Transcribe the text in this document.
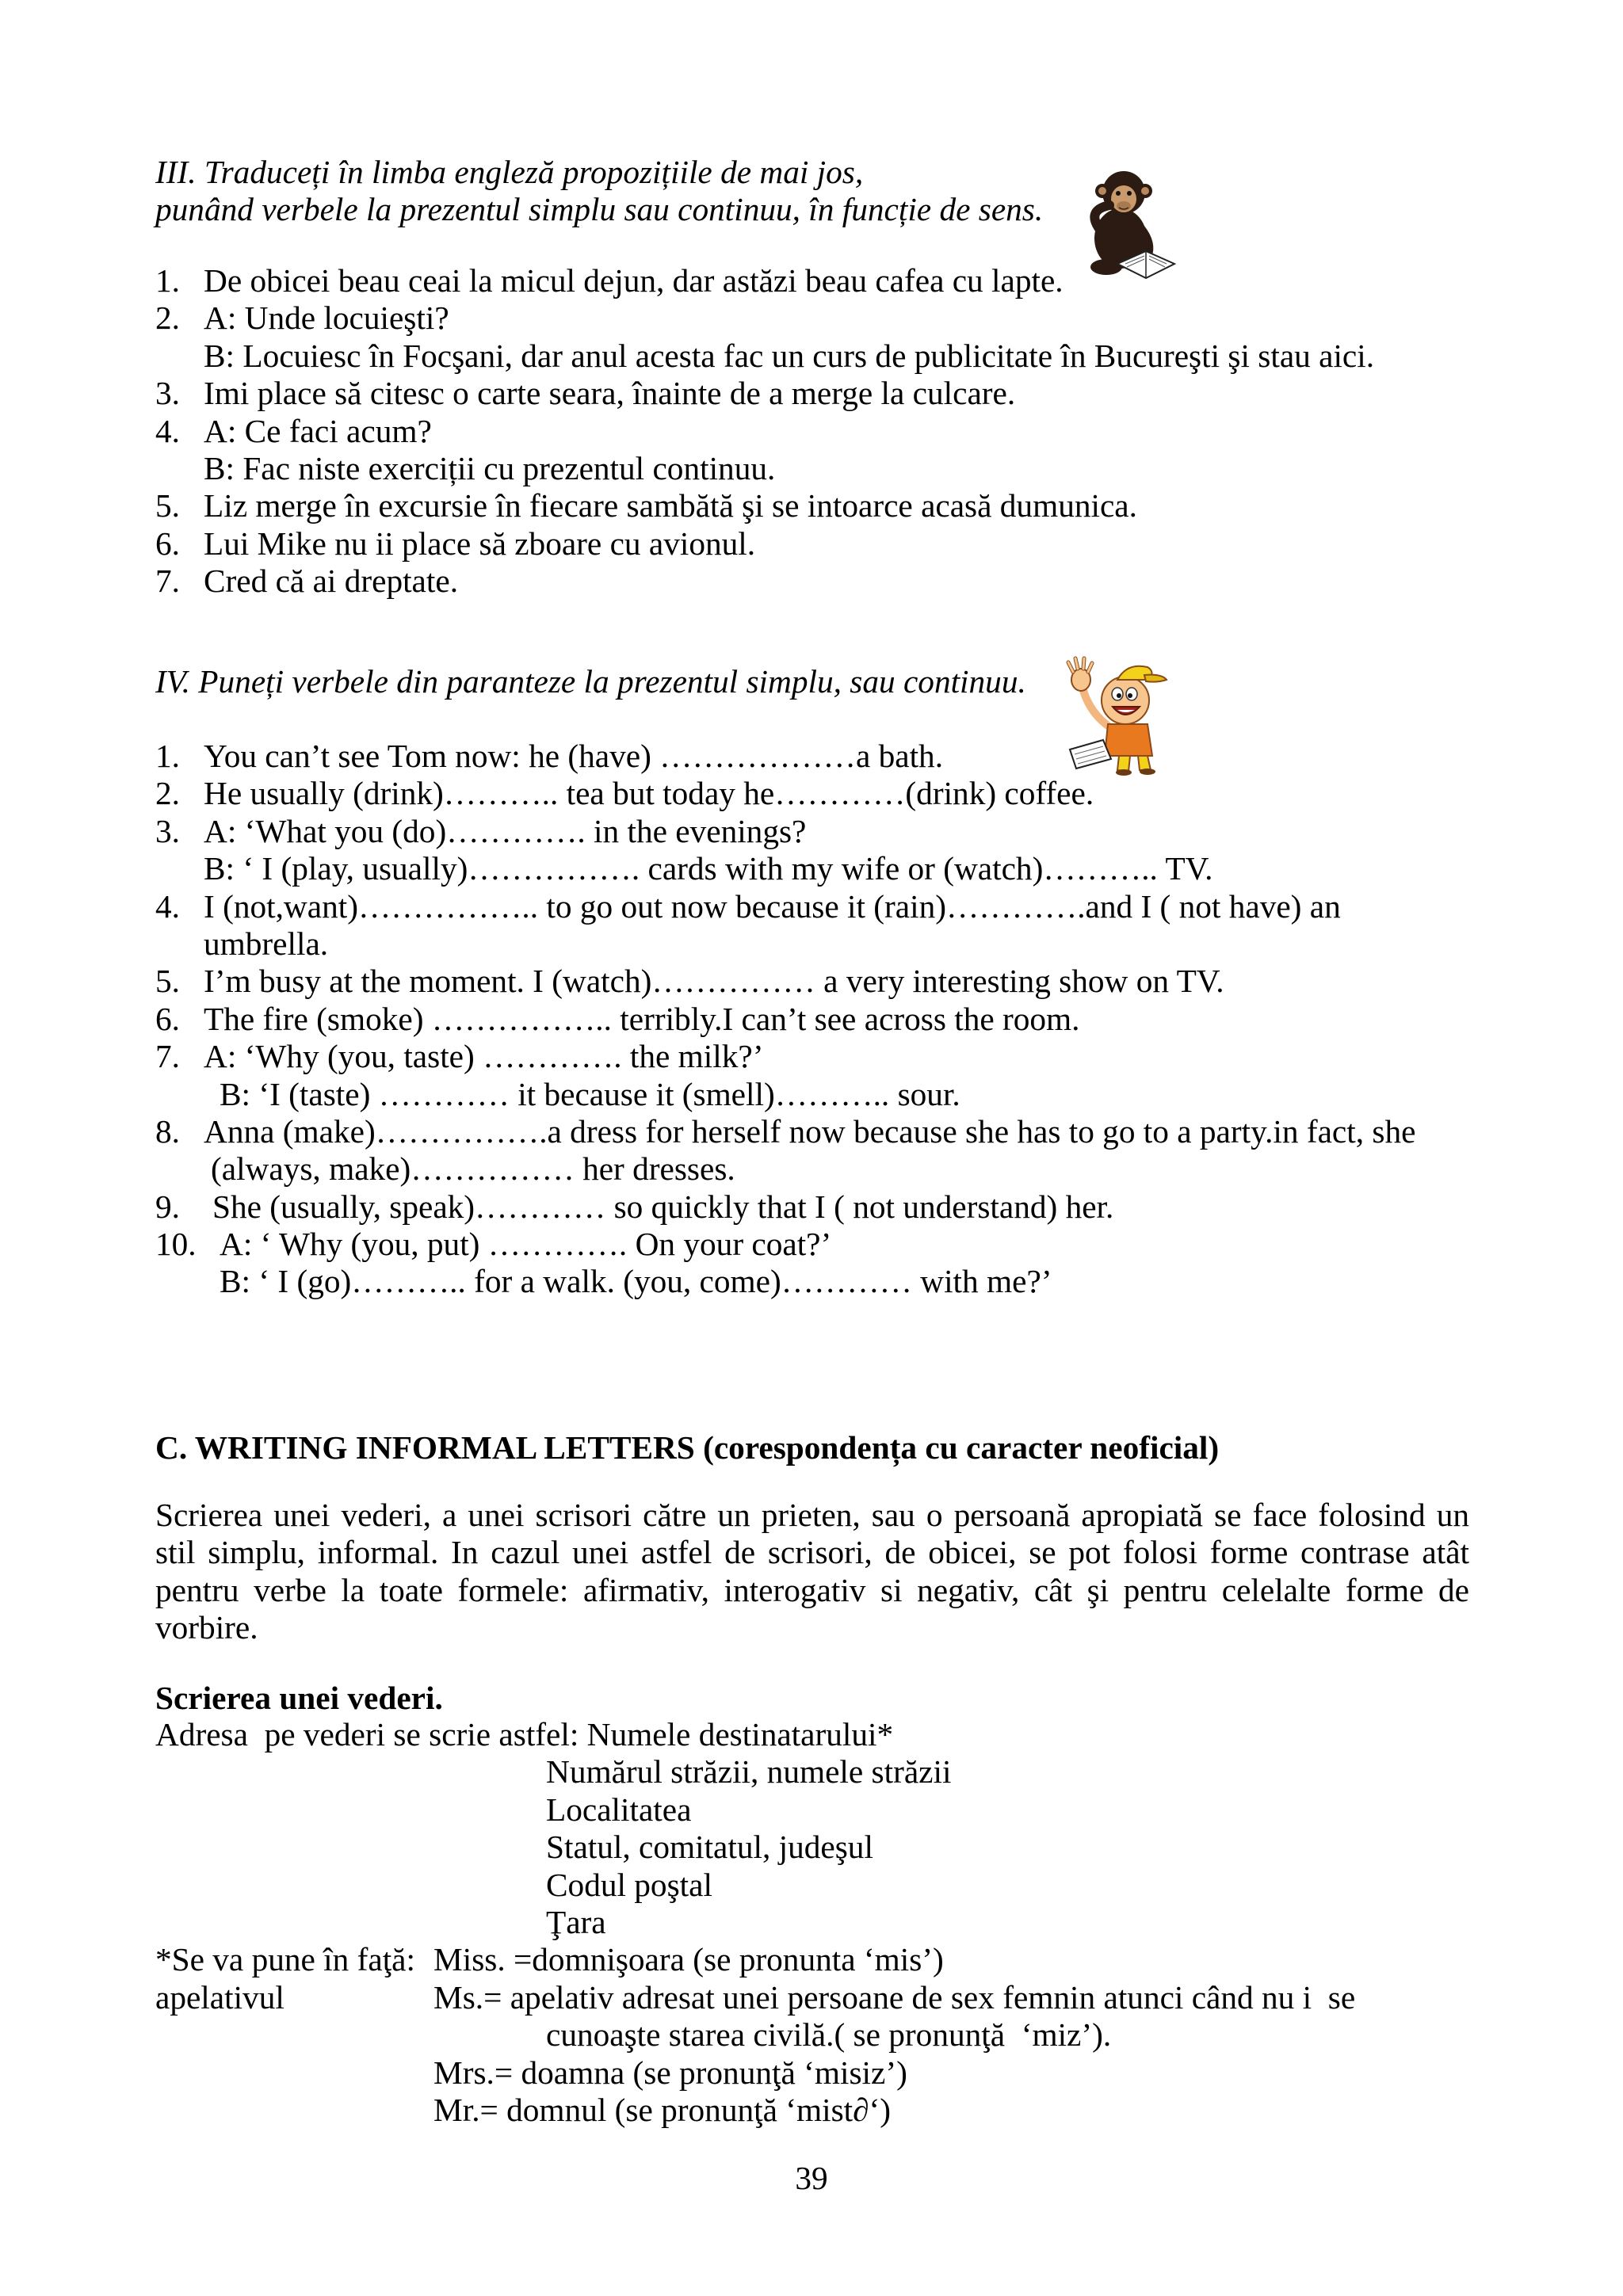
III. Traduceți în limba engleză propozițiile de mai jos,
punând verbele la prezentul simplu sau continuu, în funcție de sens.
1. De obicei beau ceai la micul dejun, dar astăzi beau cafea cu lapte.
2. A: Unde locuieşti?
B: Locuiesc în Focşani, dar anul acesta fac un curs de publicitate în Bucureşti şi stau aici.
3. Imi place să citesc o carte seara, înainte de a merge la culcare.
4. A: Ce faci acum?
B: Fac niste exerciții cu prezentul continuu.
5. Liz merge în excursie în fiecare sambătă şi se intoarce acasă dumunica.
6. Lui Mike nu ii place să zboare cu avionul.
7. Cred că ai dreptate.
IV. Puneți verbele din paranteze la prezentul simplu, sau continuu.
1. You can’t see Tom now: he (have) ………………a bath.
2. He usually (drink)……….. tea but today he…………(drink) coffee.
3. A: ‘What you (do)…………. in the evenings?
B: ‘ I (play, usually)……………. cards with my wife or (watch)……….. TV.
4. I (not,want)…………….. to go out now because it (rain)………….and I ( not have) an
umbrella.
5. I’m busy at the moment. I (watch)…………… a very interesting show on TV.
6. The fire (smoke) …………….. terribly.I can’t see across the room.
7. A: ‘Why (you, taste) …………. the milk?’
B: ‘I (taste) ………… it because it (smell)……….. sour.
8. Anna (make)…………….a dress for herself now because she has to go to a party.in fact, she
(always, make)…………… her dresses.
9. She (usually, speak)………… so quickly that I ( not understand) her.
10. A: ‘ Why (you, put) …………. On your coat?’
B: ‘ I (go)……….. for a walk. (you, come)………… with me?’
C. WRITING INFORMAL LETTERS (corespondența cu caracter neoficial)
Scrierea unei vederi, a unei scrisori către un prieten, sau o persoană apropiată se face folosind un
stil simplu, informal. In cazul unei astfel de scrisori, de obicei, se pot folosi forme contrase atât
pentru verbe la toate formele: afirmativ, interogativ si negativ, cât şi pentru celelalte forme de
vorbire.
Scrierea unei vederi.
Adresa  pe vederi se scrie astfel: Numele destinatarului*
Numărul străzii, numele străzii
Localitatea
Statul, comitatul, judeşul
Codul poştal
Ţara
*Se va pune în faţă: Miss. =domnişoara (se pronunta ‘mis’)
apelativul	Ms.= apelativ adresat unei persoane de sex femnin atunci când nu i  se
cunoaşte starea civilă.( se pronunţă  ‘miz’).
Mrs.= doamna (se pronunţă ‘misiz’)
Mr.= domnul (se pronunţă ‘mist∂‘)
39
